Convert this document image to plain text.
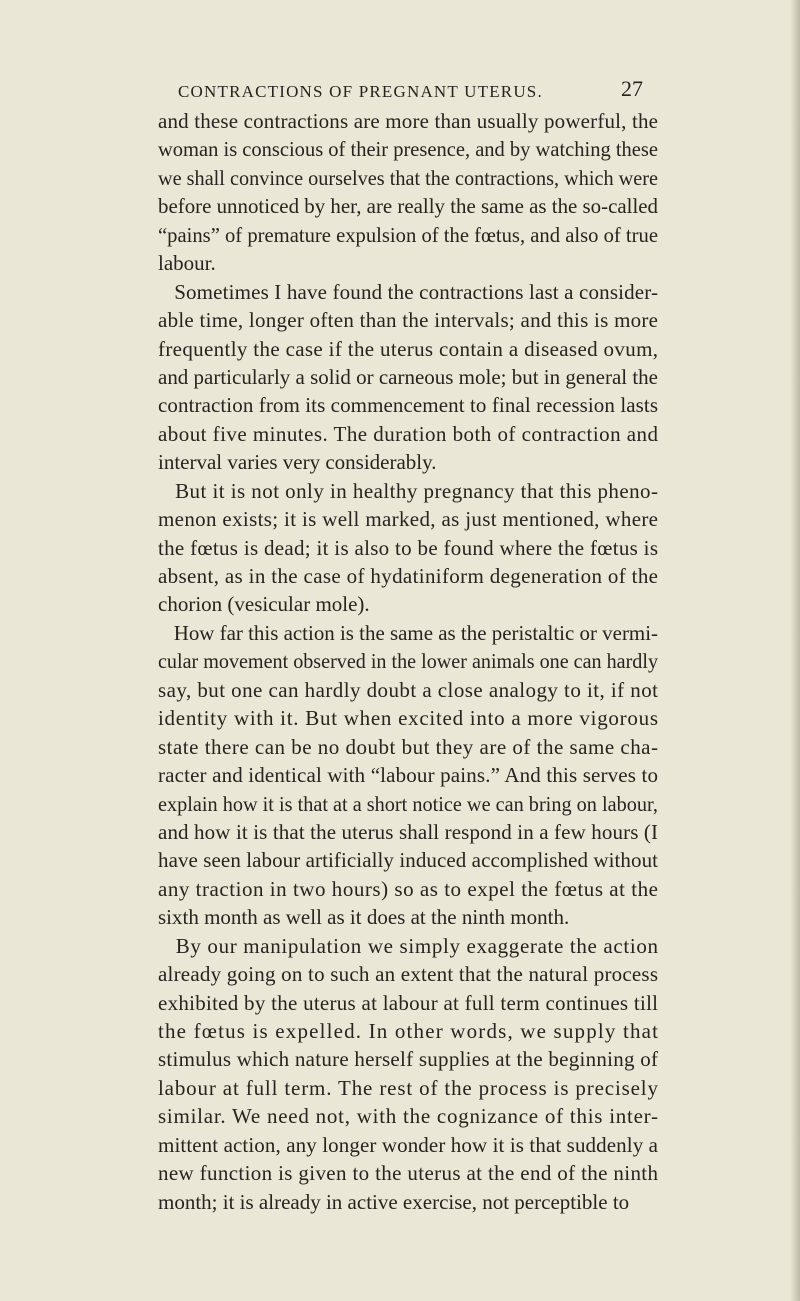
CONTRACTIONS OF PREGNANT UTERUS.	27
and these contractions are more than usually powerful, the
woman is conscious of their presence, and by watching these
we shall convince ourselves that the contractions, which were
before unnoticed by her, are really the same as the so-called
“pains” of premature expulsion of the fœtus, and also of true
labour.
Sometimes I have found the contractions last a consider-
able time, longer often than the intervals; and this is more
frequently the case if the uterus contain a diseased ovum,
and particularly a solid or carneous mole; but in general the
contraction from its commencement to final recession lasts
about five minutes. The duration both of contraction and
interval varies very considerably.
But it is not only in healthy pregnancy that this pheno-
menon exists; it is well marked, as just mentioned, where
the fœtus is dead; it is also to be found where the fœtus is
absent, as in the case of hydatiniform degeneration of the
chorion (vesicular mole).
How far this action is the same as the peristaltic or vermi-
cular movement observed in the lower animals one can hardly
say, but one can hardly doubt a close analogy to it, if not
identity with it. But when excited into a more vigorous
state there can be no doubt but they are of the same cha-
racter and identical with “labour pains.” And this serves to
explain how it is that at a short notice we can bring on labour,
and how it is that the uterus shall respond in a few hours (I
have seen labour artificially induced accomplished without
any traction in two hours) so as to expel the fœtus at the
sixth month as well as it does at the ninth month.
By our manipulation we simply exaggerate the action
already going on to such an extent that the natural process
exhibited by the uterus at labour at full term continues till
the fœtus is expelled. In other words, we supply that
stimulus which nature herself supplies at the beginning of
labour at full term. The rest of the process is precisely
similar. We need not, with the cognizance of this inter-
mittent action, any longer wonder how it is that suddenly a
new function is given to the uterus at the end of the ninth
month; it is already in active exercise, not perceptible to
